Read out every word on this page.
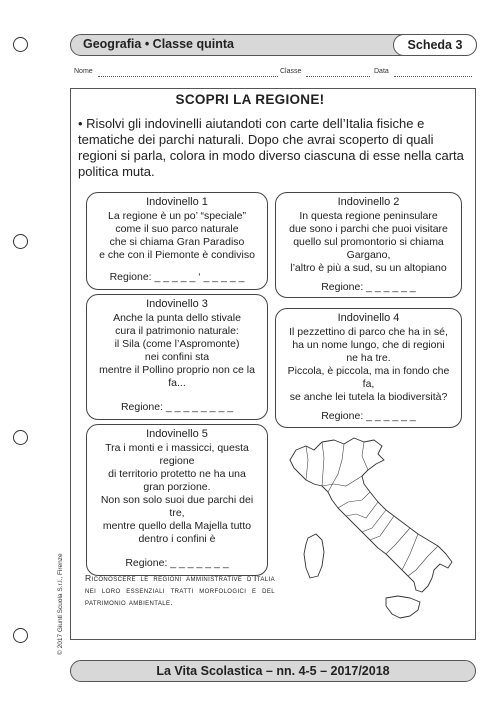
Geografia • Classe quinta	Scheda 3
Nome	Classe	Data
SCOPRI LA REGIONE!
• Risolvi gli indovinelli aiutandoti con carte dell’Italia fisiche e tematiche dei parchi naturali. Dopo che avrai scoperto di quali regioni si parla, colora in modo diverso ciascuna di esse nella carta politica muta.
Indovinello 1
La regione è un po’ “speciale”
come il suo parco naturale
che si chiama Gran Paradiso
e che con il Piemonte è condiviso
Regione: _ _ _ _ _ ‘ _ _ _ _ _
Indovinello 2
In questa regione peninsulare
due sono i parchi che puoi visitare
quello sul promontorio si chiama
Gargano,
l’altro è più a sud, su un altopiano
Regione: _ _ _ _ _ _
Indovinello 3
Anche la punta dello stivale
cura il patrimonio naturale:
il Sila (come l’Aspromonte)
nei confini sta
mentre il Pollino proprio non ce la
fa...
Regione: _ _ _ _ _ _ _ _
Indovinello 4
Il pezzettino di parco che ha in sé,
ha un nome lungo, che di regioni
ne ha tre.
Piccola, è piccola, ma in fondo che
fa,
se anche lei tutela la biodiversità?
Regione: _ _ _ _ _ _
Indovinello 5
Tra i monti e i massicci, questa
regione
di territorio protetto ne ha una
gran porzione.
Non son solo suoi due parchi dei
tre,
mentre quello della Majella tutto
dentro i confini è
Regione: _ _ _ _ _ _ _
Riconoscere le regioni amministrative d’Italia nei loro essenziali tratti morfologici e del patrimonio ambientale.
La Vita Scolastica – nn. 4-5 – 2017/2018
© 2017 Giunti Scuola S.r.l., Firenze
